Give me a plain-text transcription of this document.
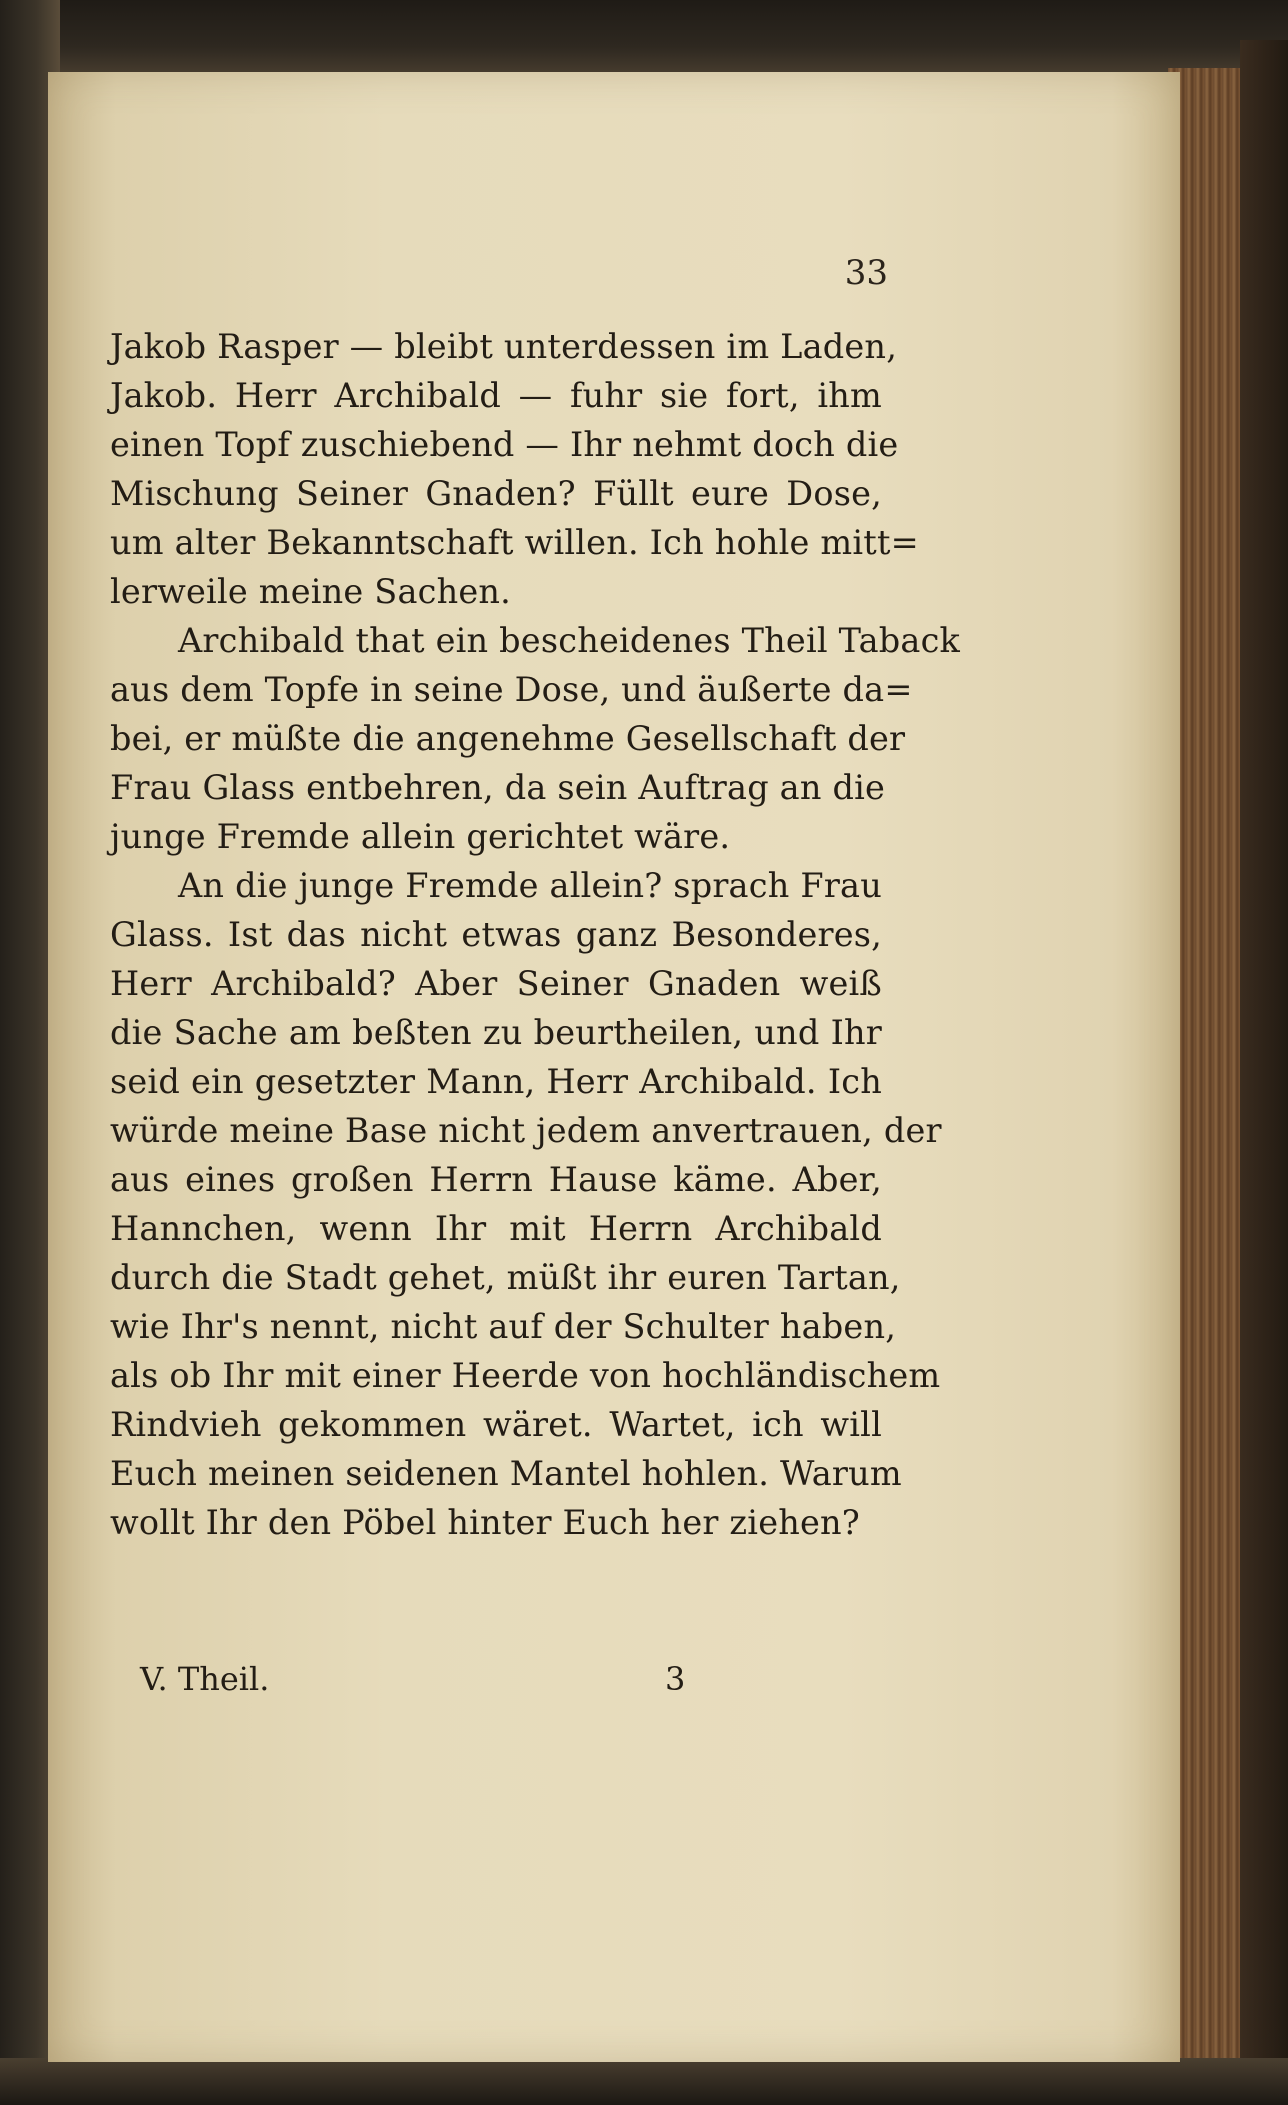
33
Jakob Rasper — bleibt unterdessen im Laden,
Jakob. Herr Archibald — fuhr sie fort, ihm
einen Topf zuschiebend — Ihr nehmt doch die
Mischung Seiner Gnaden? Füllt eure Dose,
um alter Bekanntschaft willen. Ich hohle mitt=
lerweile meine Sachen.
Archibald that ein bescheidenes Theil Taback
aus dem Topfe in seine Dose, und äußerte da=
bei, er müßte die angenehme Gesellschaft der
Frau Glass entbehren, da sein Auftrag an die
junge Fremde allein gerichtet wäre.
An die junge Fremde allein? sprach Frau
Glass. Ist das nicht etwas ganz Besonderes,
Herr Archibald? Aber Seiner Gnaden weiß
die Sache am beßten zu beurtheilen, und Ihr
seid ein gesetzter Mann, Herr Archibald. Ich
würde meine Base nicht jedem anvertrauen, der
aus eines großen Herrn Hause käme. Aber,
Hannchen, wenn Ihr mit Herrn Archibald
durch die Stadt gehet, müßt ihr euren Tartan,
wie Ihr's nennt, nicht auf der Schulter haben,
als ob Ihr mit einer Heerde von hochländischem
Rindvieh gekommen wäret. Wartet, ich will
Euch meinen seidenen Mantel hohlen. Warum
wollt Ihr den Pöbel hinter Euch her ziehen?
V. Theil.	3
